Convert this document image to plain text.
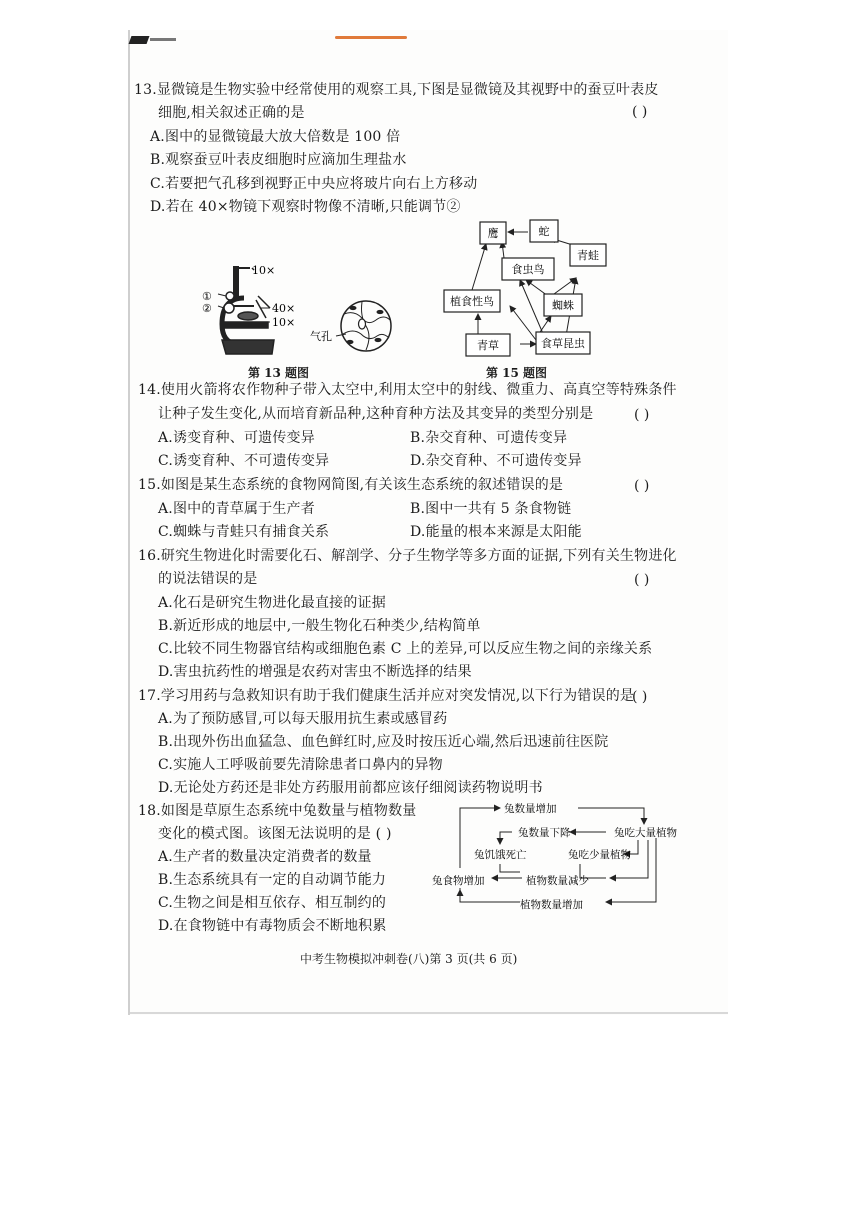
13.显微镜是生物实验中经常使用的观察工具,下图是显微镜及其视野中的蚕豆叶表皮
细胞,相关叙述正确的是	( )
A.图中的显微镜最大放大倍数是 100 倍
B.观察蚕豆叶表皮细胞时应滴加生理盐水
C.若要把气孔移到视野正中央应将玻片向右上方移动
D.若在 40×物镜下观察时物像不清晰,只能调节②
10×
40×
10×
①
②
气孔
第 13 题图
鹰	蛇
食虫鸟
青蛙
植食性鸟	蜘蛛
青草	食草昆虫
第 15 题图
14.使用火箭将农作物种子带入太空中,利用太空中的射线、微重力、高真空等特殊条件
让种子发生变化,从而培育新品种,这种育种方法及其变异的类型分别是	( )
A.诱变育种、可遗传变异	B.杂交育种、可遗传变异
C.诱变育种、不可遗传变异	D.杂交育种、不可遗传变异
15.如图是某生态系统的食物网简图,有关该生态系统的叙述错误的是	( )
A.图中的青草属于生产者	B.图中一共有 5 条食物链
C.蜘蛛与青蛙只有捕食关系	D.能量的根本来源是太阳能
16.研究生物进化时需要化石、解剖学、分子生物学等多方面的证据,下列有关生物进化
的说法错误的是	( )
A.化石是研究生物进化最直接的证据
B.新近形成的地层中,一般生物化石种类少,结构简单
C.比较不同生物器官结构或细胞色素 C 上的差异,可以反应生物之间的亲缘关系
D.害虫抗药性的增强是农药对害虫不断选择的结果
17.学习用药与急救知识有助于我们健康生活并应对突发情况,以下行为错误的是
( )
A.为了预防感冒,可以每天服用抗生素或感冒药
B.出现外伤出血猛急、血色鲜红时,应及时按压近心端,然后迅速前往医院
C.实施人工呼吸前要先清除患者口鼻内的异物
D.无论处方药还是非处方药服用前都应该仔细阅读药物说明书
18.如图是草原生态系统中兔数量与植物数量
变化的模式图。该图无法说明的是 ( )
A.生产者的数量决定消费者的数量
B.生态系统具有一定的自动调节能力
C.生物之间是相互依存、相互制约的
D.在食物链中有毒物质会不断地积累
兔数量增加
兔数量下降	兔吃大量植物
兔饥饿死亡	兔吃少量植物
兔食物增加	植物数量减少
植物数量增加
中考生物模拟冲刺卷(八)第 3 页(共 6 页)
